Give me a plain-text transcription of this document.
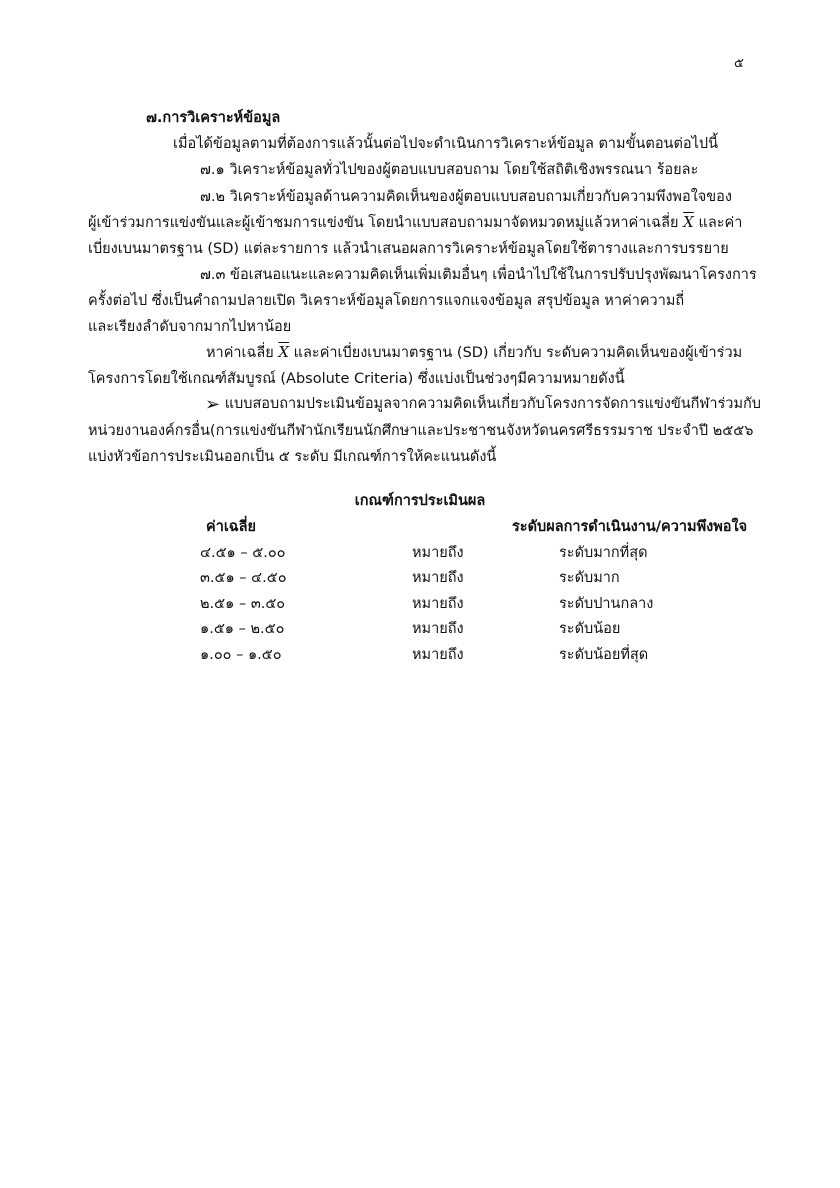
๕
๗.การวิเคราะห์ข้อมูล
เมื่อได้ข้อมูลตามที่ต้องการแล้วนั้นต่อไปจะดำเนินการวิเคราะห์ข้อมูล ตามขั้นตอนต่อไปนี้
๗.๑ วิเคราะห์ข้อมูลทั่วไปของผู้ตอบแบบสอบถาม โดยใช้สถิติเชิงพรรณนา ร้อยละ
๗.๒ วิเคราะห์ข้อมูลด้านความคิดเห็นของผู้ตอบแบบสอบถามเกี่ยวกับความพึงพอใจของ
ผู้เข้าร่วมการแข่งขันและผู้เข้าชมการแข่งขัน โดยนำแบบสอบถามมาจัดหมวดหมู่แล้วหาค่าเฉลี่ย $\overline{X}$ และค่า
เบี่ยงเบนมาตรฐาน (SD) แต่ละรายการ แล้วนำเสนอผลการวิเคราะห์ข้อมูลโดยใช้ตารางและการบรรยาย
๗.๓ ข้อเสนอแนะและความคิดเห็นเพิ่มเติมอื่นๆ เพื่อนำไปใช้ในการปรับปรุงพัฒนาโครงการ
ครั้งต่อไป ซึ่งเป็นคำถามปลายเปิด วิเคราะห์ข้อมูลโดยการแจกแจงข้อมูล สรุปข้อมูล หาค่าความถี่
และเรียงลำดับจากมากไปหาน้อย
หาค่าเฉลี่ย $\overline{X}$ และค่าเบี่ยงเบนมาตรฐาน (SD) เกี่ยวกับ ระดับความคิดเห็นของผู้เข้าร่วม
โครงการโดยใช้เกณฑ์สัมบูรณ์ (Absolute Criteria) ซึ่งแบ่งเป็นช่วงๆมีความหมายดังนี้
➢ แบบสอบถามประเมินข้อมูลจากความคิดเห็นเกี่ยวกับโครงการจัดการแข่งขันกีฬาร่วมกับ
หน่วยงานองค์กรอื่น(การแข่งขันกีฬานักเรียนนักศึกษาและประชาชนจังหวัดนครศรีธรรมราช ประจำปี ๒๕๕๖
แบ่งหัวข้อการประเมินออกเป็น ๕ ระดับ มีเกณฑ์การให้คะแนนดังนี้
เกณฑ์การประเมินผล
ค่าเฉลี่ย	ระดับผลการดำเนินงาน/ความพึงพอใจ
๔.๕๑ – ๕.๐๐	หมายถึง	ระดับมากที่สุด
๓.๕๑ – ๔.๕๐	หมายถึง	ระดับมาก
๒.๕๑ – ๓.๕๐	หมายถึง	ระดับปานกลาง
๑.๕๑ – ๒.๕๐	หมายถึง	ระดับน้อย
๑.๐๐ – ๑.๕๐	หมายถึง	ระดับน้อยที่สุด
